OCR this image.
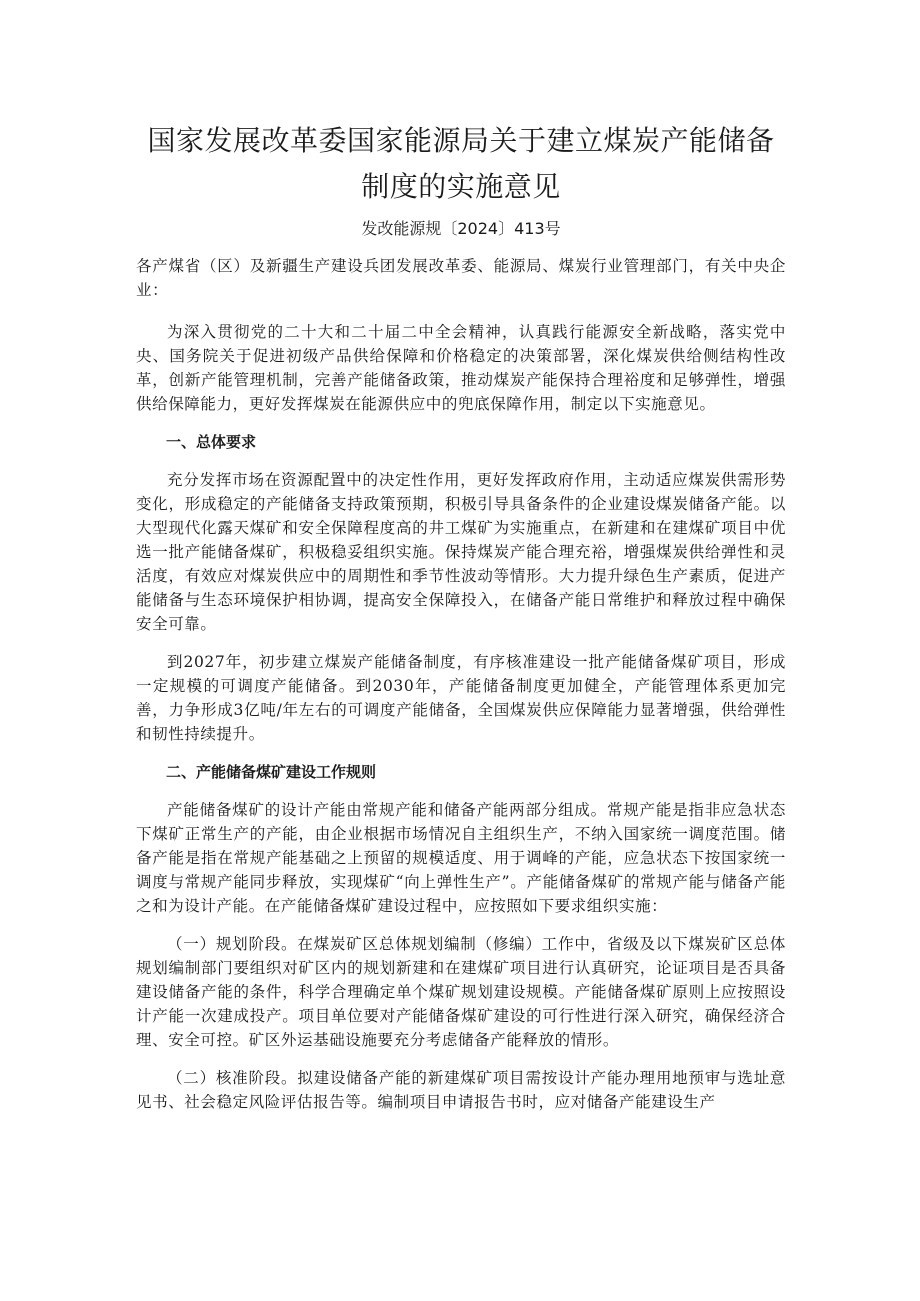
国家发展改革委国家能源局关于建立煤炭产能储备
制度的实施意见
发改能源规〔2024〕413号

各产煤省（区）及新疆生产建设兵团发展改革委、能源局、煤炭行业管理部门，有关中央企业：

为深入贯彻党的二十大和二十届二中全会精神，认真践行能源安全新战略，落实党中央、国务院关于促进初级产品供给保障和价格稳定的决策部署，深化煤炭供给侧结构性改革，创新产能管理机制，完善产能储备政策，推动煤炭产能保持合理裕度和足够弹性，增强供给保障能力，更好发挥煤炭在能源供应中的兜底保障作用，制定以下实施意见。

一、总体要求

充分发挥市场在资源配置中的决定性作用，更好发挥政府作用，主动适应煤炭供需形势变化，形成稳定的产能储备支持政策预期，积极引导具备条件的企业建设煤炭储备产能。以大型现代化露天煤矿和安全保障程度高的井工煤矿为实施重点，在新建和在建煤矿项目中优选一批产能储备煤矿，积极稳妥组织实施。保持煤炭产能合理充裕，增强煤炭供给弹性和灵活度，有效应对煤炭供应中的周期性和季节性波动等情形。大力提升绿色生产素质，促进产能储备与生态环境保护相协调，提高安全保障投入，在储备产能日常维护和释放过程中确保安全可靠。

到2027年，初步建立煤炭产能储备制度，有序核准建设一批产能储备煤矿项目，形成一定规模的可调度产能储备。到2030年，产能储备制度更加健全，产能管理体系更加完善，力争形成3亿吨/年左右的可调度产能储备，全国煤炭供应保障能力显著增强，供给弹性和韧性持续提升。

二、产能储备煤矿建设工作规则

产能储备煤矿的设计产能由常规产能和储备产能两部分组成。常规产能是指非应急状态下煤矿正常生产的产能，由企业根据市场情况自主组织生产，不纳入国家统一调度范围。储备产能是指在常规产能基础之上预留的规模适度、用于调峰的产能，应急状态下按国家统一调度与常规产能同步释放，实现煤矿“向上弹性生产”。产能储备煤矿的常规产能与储备产能之和为设计产能。在产能储备煤矿建设过程中，应按照如下要求组织实施：

（一）规划阶段。在煤炭矿区总体规划编制（修编）工作中，省级及以下煤炭矿区总体规划编制部门要组织对矿区内的规划新建和在建煤矿项目进行认真研究，论证项目是否具备建设储备产能的条件，科学合理确定单个煤矿规划建设规模。产能储备煤矿原则上应按照设计产能一次建成投产。项目单位要对产能储备煤矿建设的可行性进行深入研究，确保经济合理、安全可控。矿区外运基础设施要充分考虑储备产能释放的情形。

（二）核准阶段。拟建设储备产能的新建煤矿项目需按设计产能办理用地预审与选址意见书、社会稳定风险评估报告等。编制项目申请报告书时，应对储备产能建设生产
